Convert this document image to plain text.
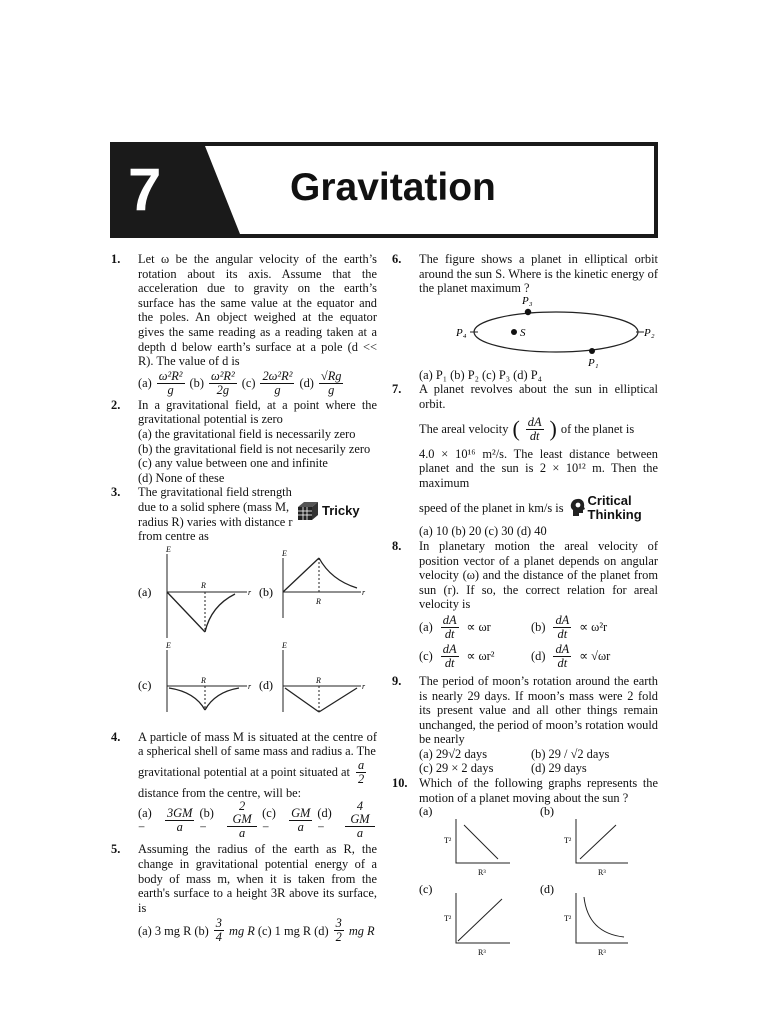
7	Gravitation
1. Let ω be the angular velocity of the earth’s rotation about its axis. Assume that the acceleration due to gravity on the earth’s surface has the same value at the equator and the poles. An object weighed at the equator gives the same reading as a reading taken at a depth d below earth’s surface at a pole (d << R). The value of d is
$(a) \frac{\text{ω²R²}}{g} (b) \frac{\text{ω²R²}}{2g} (c) \frac{\text{2ω²R²}}{g} (d) \frac{√Rg}{g}$
2. In a gravitational field, at a point where the gravitational potential is zero
(a) the gravitational field is necessarily zero
(b) the gravitational field is not necesarily zero
(c) any value between one and infinite
(d) None of these
3. The gravitational field strength due to a solid sphere (mass M, radius R) varies with distance r from centre as
Tricky
(a)	(b)
(c)	(d)
E
R
r
E
R
r
E
R
r
E
R
r
4. A particle of mass M is situated at the centre of a spherical shell of same mass and radius a. The
gravitational potential at a point situated at $\frac{a}{2}$
distance from the centre, will be:
(a) −	$\frac{3GM}{a} (b)$ −	$\frac{2 GM}{a} (c)$ −	$\frac{GM}{a} (d)$ −	$\frac{4 GM}{a}$
5. Assuming the radius of the earth as R, the change in gravitational potential energy of a body of mass m, when it is taken from the earth's surface to a height 3R above its surface, is
(a) 3 mg R $(b) \frac{3}{4}$ mg R (c) 1 mg R $(d) \frac{3}{2}$ mg R
6. The figure shows a planet in elliptical orbit around the sun S. Where is the kinetic energy of the planet maximum ?
P₃
S
P₁
P₄	P₂
(a) P₁ (b) P₂ (c) P₃ (d) P₄
7. A planet revolves about the sun in elliptical orbit.
The areal velocity ( $\frac{dA}{dt}$ ) of the planet is
4.0 × 10¹⁶ m²/s. The least distance between planet and the sun is 2 × 10¹² m. Then the maximum
speed of the planet in km/s is Critical
Thinking
(a) 10 (b) 20 (c) 30 (d) 40
8. In planetary motion the areal velocity of position vector of a planet depends on angular velocity (ω) and the distance of the planet from sun (r). If so, the correct relation for areal velocity is
$(a) \frac{dA}{dt} \propto \omega r$	$(b) \frac{dA}{dt} \propto \omega^2r$
$(c) \frac{dA}{dt} \propto \omega r^2$	$(d) \frac{dA}{dt} \propto √\omega r$
9. The period of moon’s rotation around the earth is nearly 29 days. If moon’s mass were 2 fold its present value and all other things remain unchanged, the period of moon’s rotation would be nearly
(a) 29√2 days	(b) 29 / √2 days
(c) 29 × 2 days	(d) 29 days
10. Which of the following graphs represents the motion of a planet moving about the sun ?
(a)	(b)
(c)	(d)
T²
R³
T²
R³
T²
R³
T²
R³
